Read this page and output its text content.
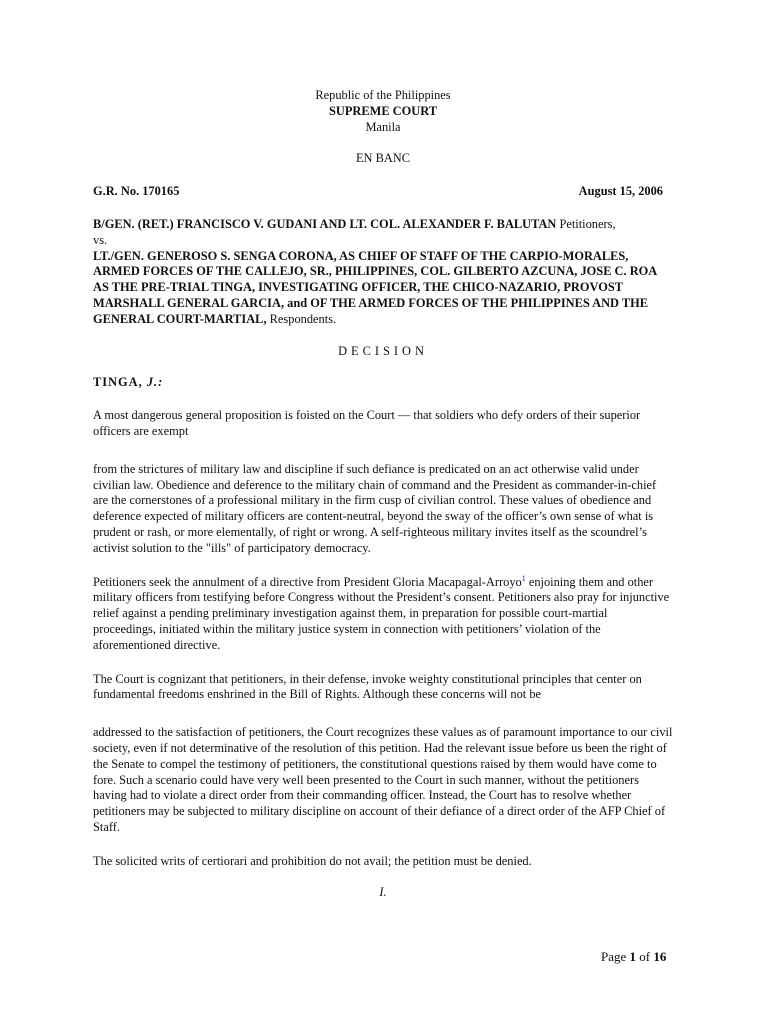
Republic of the Philippines
SUPREME COURT
Manila
EN BANC
G.R. No. 170165	August 15, 2006
B/GEN. (RET.) FRANCISCO V. GUDANI AND LT. COL. ALEXANDER F. BALUTAN Petitioners,
vs.
LT./GEN. GENEROSO S. SENGA CORONA, AS CHIEF OF STAFF OF THE CARPIO-MORALES, ARMED FORCES OF THE CALLEJO, SR., PHILIPPINES, COL. GILBERTO AZCUNA, JOSE C. ROA AS THE PRE-TRIAL TINGA, INVESTIGATING OFFICER, THE CHICO-NAZARIO, PROVOST MARSHALL GENERAL GARCIA, and OF THE ARMED FORCES OF THE PHILIPPINES AND THE GENERAL COURT-MARTIAL, Respondents.
DECISION
TINGA, J.:

A most dangerous general proposition is foisted on the Court — that soldiers who defy orders of their superior officers are exempt

from the strictures of military law and discipline if such defiance is predicated on an act otherwise valid under civilian law. Obedience and deference to the military chain of command and the President as commander-in-chief are the cornerstones of a professional military in the firm cusp of civilian control. These values of obedience and deference expected of military officers are content-neutral, beyond the sway of the officer’s own sense of what is prudent or rash, or more elementally, of right or wrong. A self-righteous military invites itself as the scoundrel’s activist solution to the "ills" of participatory democracy.

Petitioners seek the annulment of a directive from President Gloria Macapagal-Arroyo$^1$ enjoining them and other military officers from testifying before Congress without the President’s consent. Petitioners also pray for injunctive relief against a pending preliminary investigation against them, in preparation for possible court-martial proceedings, initiated within the military justice system in connection with petitioners’ violation of the aforementioned directive.

The Court is cognizant that petitioners, in their defense, invoke weighty constitutional principles that center on fundamental freedoms enshrined in the Bill of Rights. Although these concerns will not be

addressed to the satisfaction of petitioners, the Court recognizes these values as of paramount importance to our civil society, even if not determinative of the resolution of this petition. Had the relevant issue before us been the right of the Senate to compel the testimony of petitioners, the constitutional questions raised by them would have come to fore. Such a scenario could have very well been presented to the Court in such manner, without the petitioners having had to violate a direct order from their commanding officer. Instead, the Court has to resolve whether petitioners may be subjected to military discipline on account of their defiance of a direct order of the AFP Chief of Staff.

The solicited writs of certiorari and prohibition do not avail; the petition must be denied.

I.
Page 1 of 16
